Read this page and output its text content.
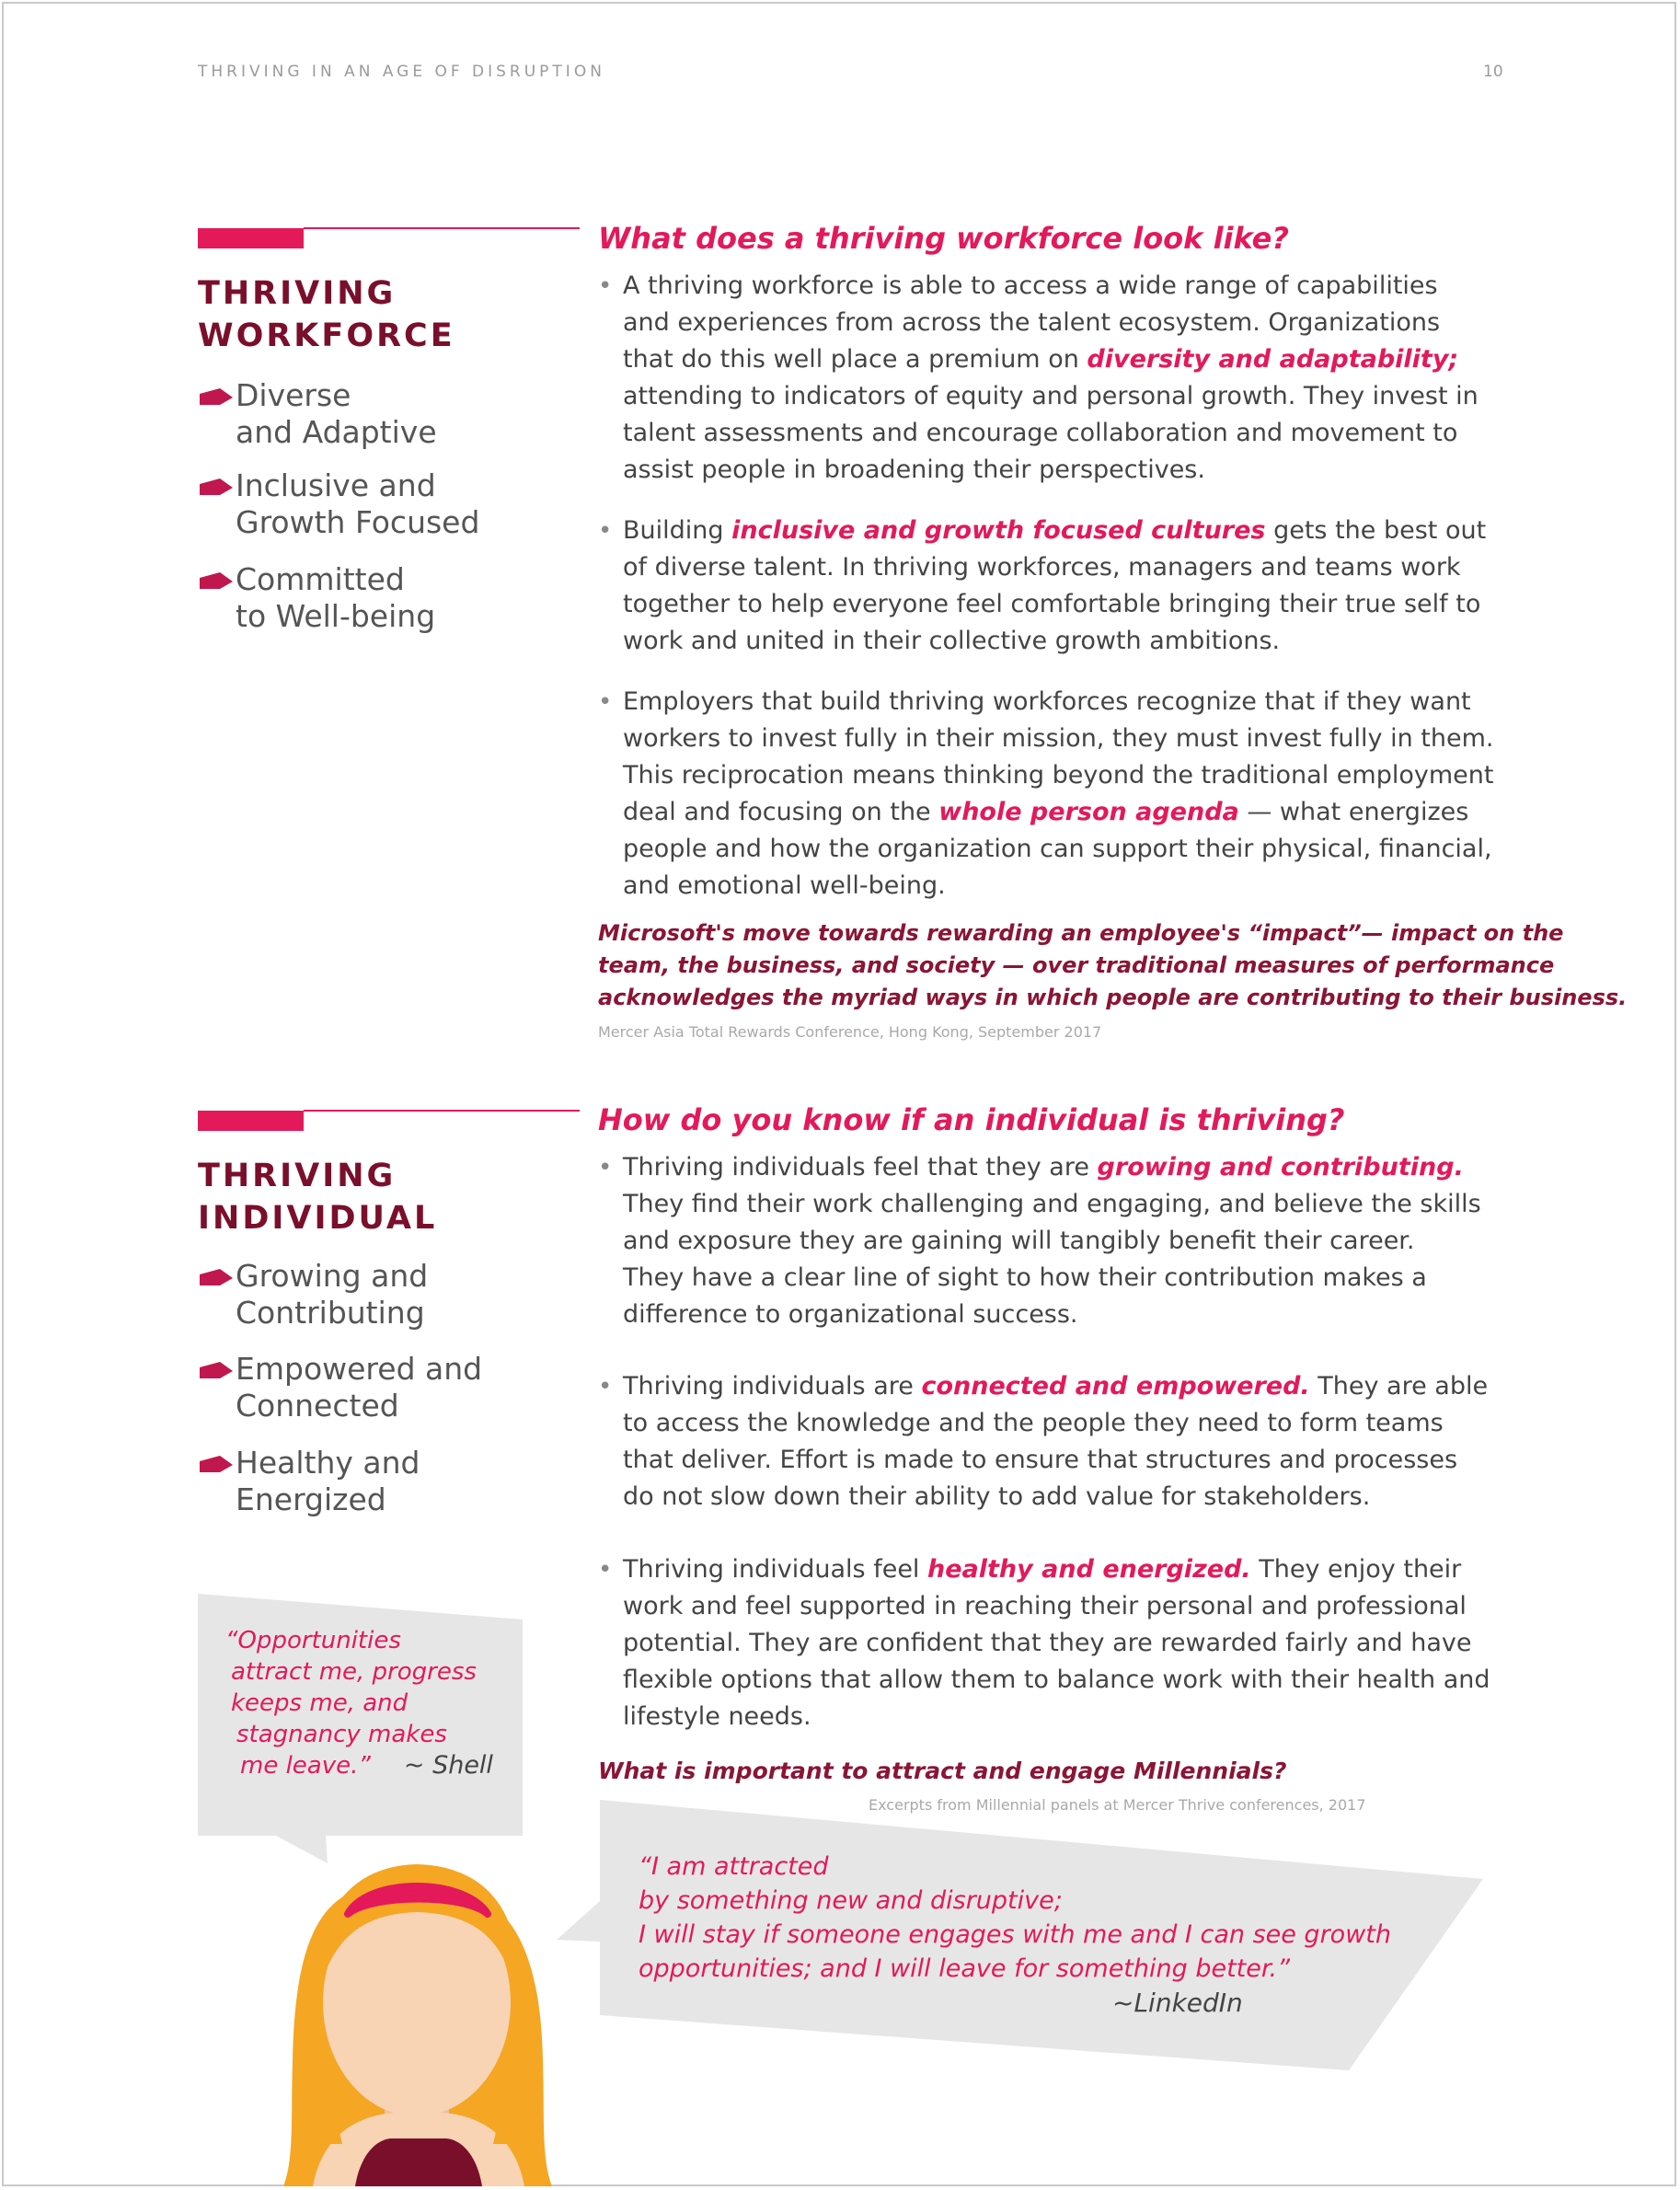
THRIVING IN AN AGE OF DISRUPTION	10
THRIVING
WORKFORCE
Diverse
and Adaptive
Inclusive and
Growth Focused
Committed
to Well-being
What does a thriving workforce look like?
• A thriving workforce is able to access a wide range of capabilities
and experiences from across the talent ecosystem. Organizations
that do this well place a premium on diversity and adaptability;
attending to indicators of equity and personal growth. They invest in
talent assessments and encourage collaboration and movement to
assist people in broadening their perspectives.
• Building inclusive and growth focused cultures gets the best out
of diverse talent. In thriving workforces, managers and teams work
together to help everyone feel comfortable bringing their true self to
work and united in their collective growth ambitions.
• Employers that build thriving workforces recognize that if they want
workers to invest fully in their mission, they must invest fully in them.
This reciprocation means thinking beyond the traditional employment
deal and focusing on the whole person agenda — what energizes
people and how the organization can support their physical, financial,
and emotional well-being.
Microsoft's move towards rewarding an employee's “impact”— impact on the
team, the business, and society — over traditional measures of performance
acknowledges the myriad ways in which people are contributing to their business.
Mercer Asia Total Rewards Conference, Hong Kong, September 2017
THRIVING
INDIVIDUAL
Growing and
Contributing
Empowered and
Connected
Healthy and
Energized
How do you know if an individual is thriving?
• Thriving individuals feel that they are growing and contributing.
They find their work challenging and engaging, and believe the skills
and exposure they are gaining will tangibly benefit their career.
They have a clear line of sight to how their contribution makes a
difference to organizational success.
• Thriving individuals are connected and empowered. They are able
to access the knowledge and the people they need to form teams
that deliver. Effort is made to ensure that structures and processes
do not slow down their ability to add value for stakeholders.
• Thriving individuals feel healthy and energized. They enjoy their
work and feel supported in reaching their personal and professional
potential. They are confident that they are rewarded fairly and have
flexible options that allow them to balance work with their health and
lifestyle needs.
What is important to attract and engage Millennials?
Excerpts from Millennial panels at Mercer Thrive conferences, 2017
“Opportunities
attract me, progress
keeps me, and
stagnancy makes
me leave.” ~ Shell
“I am attracted
by something new and disruptive;
I will stay if someone engages with me and I can see growth
opportunities; and I will leave for something better.”
~LinkedIn
